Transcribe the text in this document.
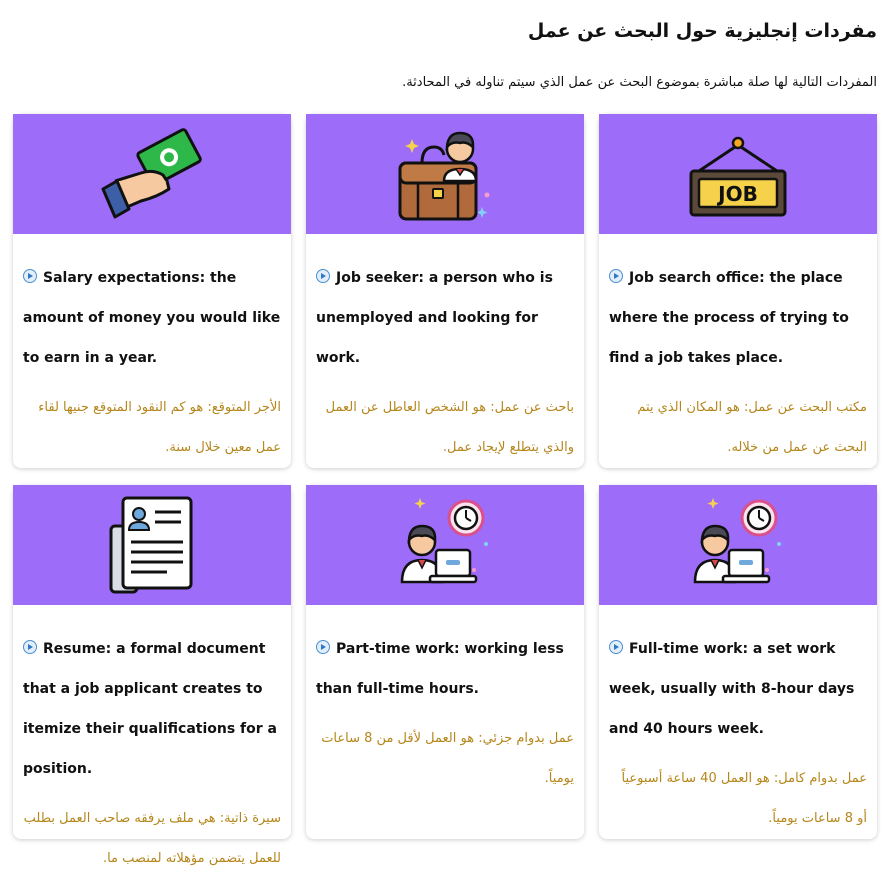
مفردات إنجليزية حول البحث عن عمل

المفردات التالية لها صلة مباشرة بموضوع البحث عن عمل الذي سيتم تناوله في المحادثة.

Salary expectations: the amount of money you would like to earn in a year.

الأجر المتوقع: هو كم النقود المتوقع جنيها لقاء عمل معين خلال سنة.

Job seeker: a person who is unemployed and looking for work.

باحث عن عمل: هو الشخص العاطل عن العمل والذي يتطلع لإيجاد عمل.

JOB

Job search office: the place where the process of trying to find a job takes place.

مكتب البحث عن عمل: هو المكان الذي يتم البحث عن عمل من خلاله.

Resume: a formal document that a job applicant creates to itemize their qualifications for a position.

سيرة ذاتية: هي ملف يرفقه صاحب العمل بطلب للعمل يتضمن مؤهلاته لمنصب ما.

Part-time work: working less than full-time hours.

عمل بدوام جزئي: هو العمل لأقل من 8 ساعات يومياً.

Full-time work: a set work week, usually with 8-hour days and 40 hours week.

عمل بدوام كامل: هو العمل 40 ساعة أسبوعياً أو 8 ساعات يومياً.
